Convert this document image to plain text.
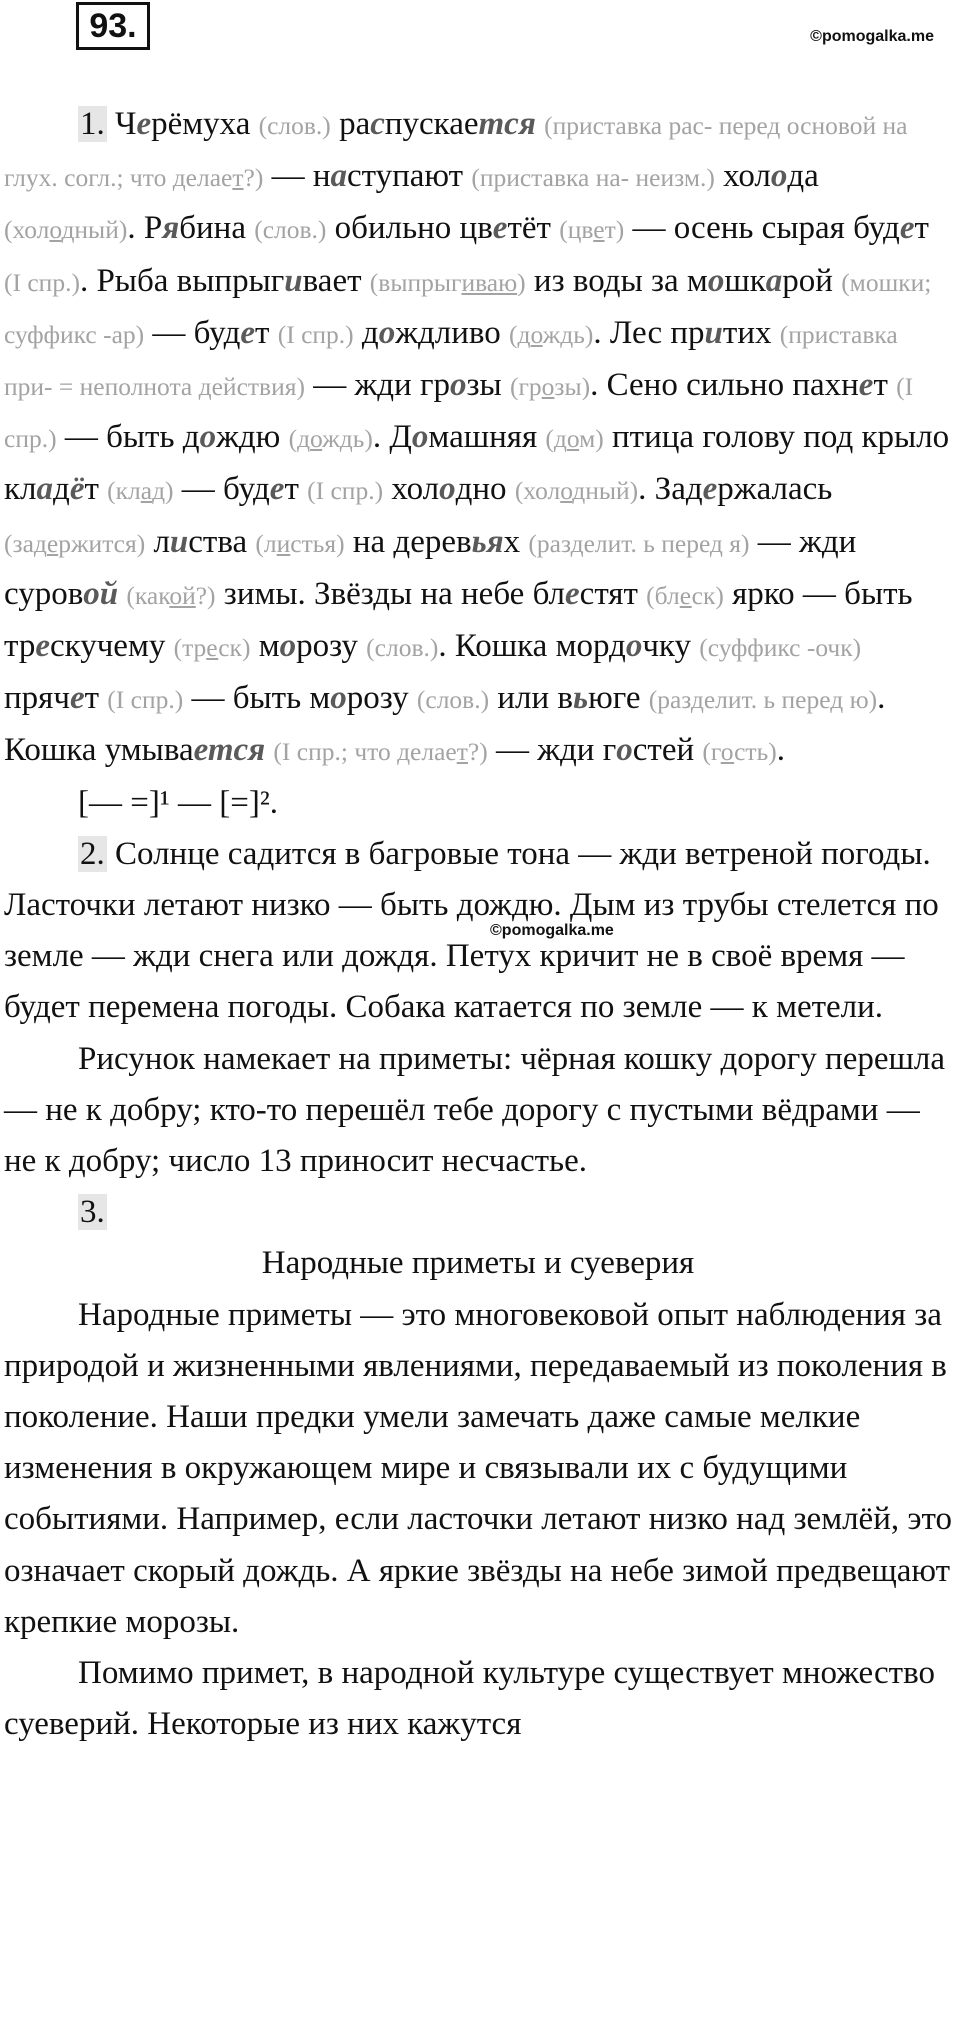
93.	©pomogalka.me

1. Черёмуха (слов.) распускается (приставка рас- перед основой на глух. согл.; что делает?) — наступают (приставка на- неизм.) холода (холодный). Рябина (слов.) обильно цветёт (цвет) — осень сырая будет (I спр.). Рыба выпрыгивает (выпрыгиваю) из воды за мошкарой (мошки; суффикс -ар) — будет (I спр.) дождливо (дождь). Лес притих (приставка при- = неполнота действия) — жди грозы (грозы). Сено сильно пахнет (I спр.) — быть дождю (дождь). Домашняя (дом) птица голову под крыло кладёт (клад) — будет (I спр.) холодно (холодный). Задержалась (задержится) листва (листья) на деревьях (разделит. ь перед я) — жди суровой (какой?) зимы. Звёзды на небе блестят (блеск) ярко — быть трескучему (треск) морозу (слов.). Кошка мордочку (суффикс -очк) прячет (I спр.) — быть морозу (слов.) или вьюге (разделит. ь перед ю). Кошка умывается (I спр.; что делает?) — жди гостей (гость).

[— =]¹ — [=]².

2. Солнце садится в багровые тона — жди ветреной погоды. Ласточки летают низко — быть дождю. Дым из трубы стелется по земле — жди снега или дождя. Петух кричит не в своё время — будет перемена погоды. Собака катается по земле — к метели.

Рисунок намекает на приметы: чёрная кошку дорогу перешла — не к добру; кто-то перешёл тебе дорогу с пустыми вёдрами — не к добру; число 13 приносит несчастье.

3.

Народные приметы и суеверия

Народные приметы — это многовековой опыт наблюдения за природой и жизненными явлениями, передаваемый из поколения в поколение. Наши предки умели замечать даже самые мелкие изменения в окружающем мире и связывали их с будущими событиями. Например, если ласточки летают низко над землёй, это означает скорый дождь. А яркие звёзды на небе зимой предвещают крепкие морозы.

Помимо примет, в народной культуре существует множество суеверий. Некоторые из них кажутся

©pomogalka.me
